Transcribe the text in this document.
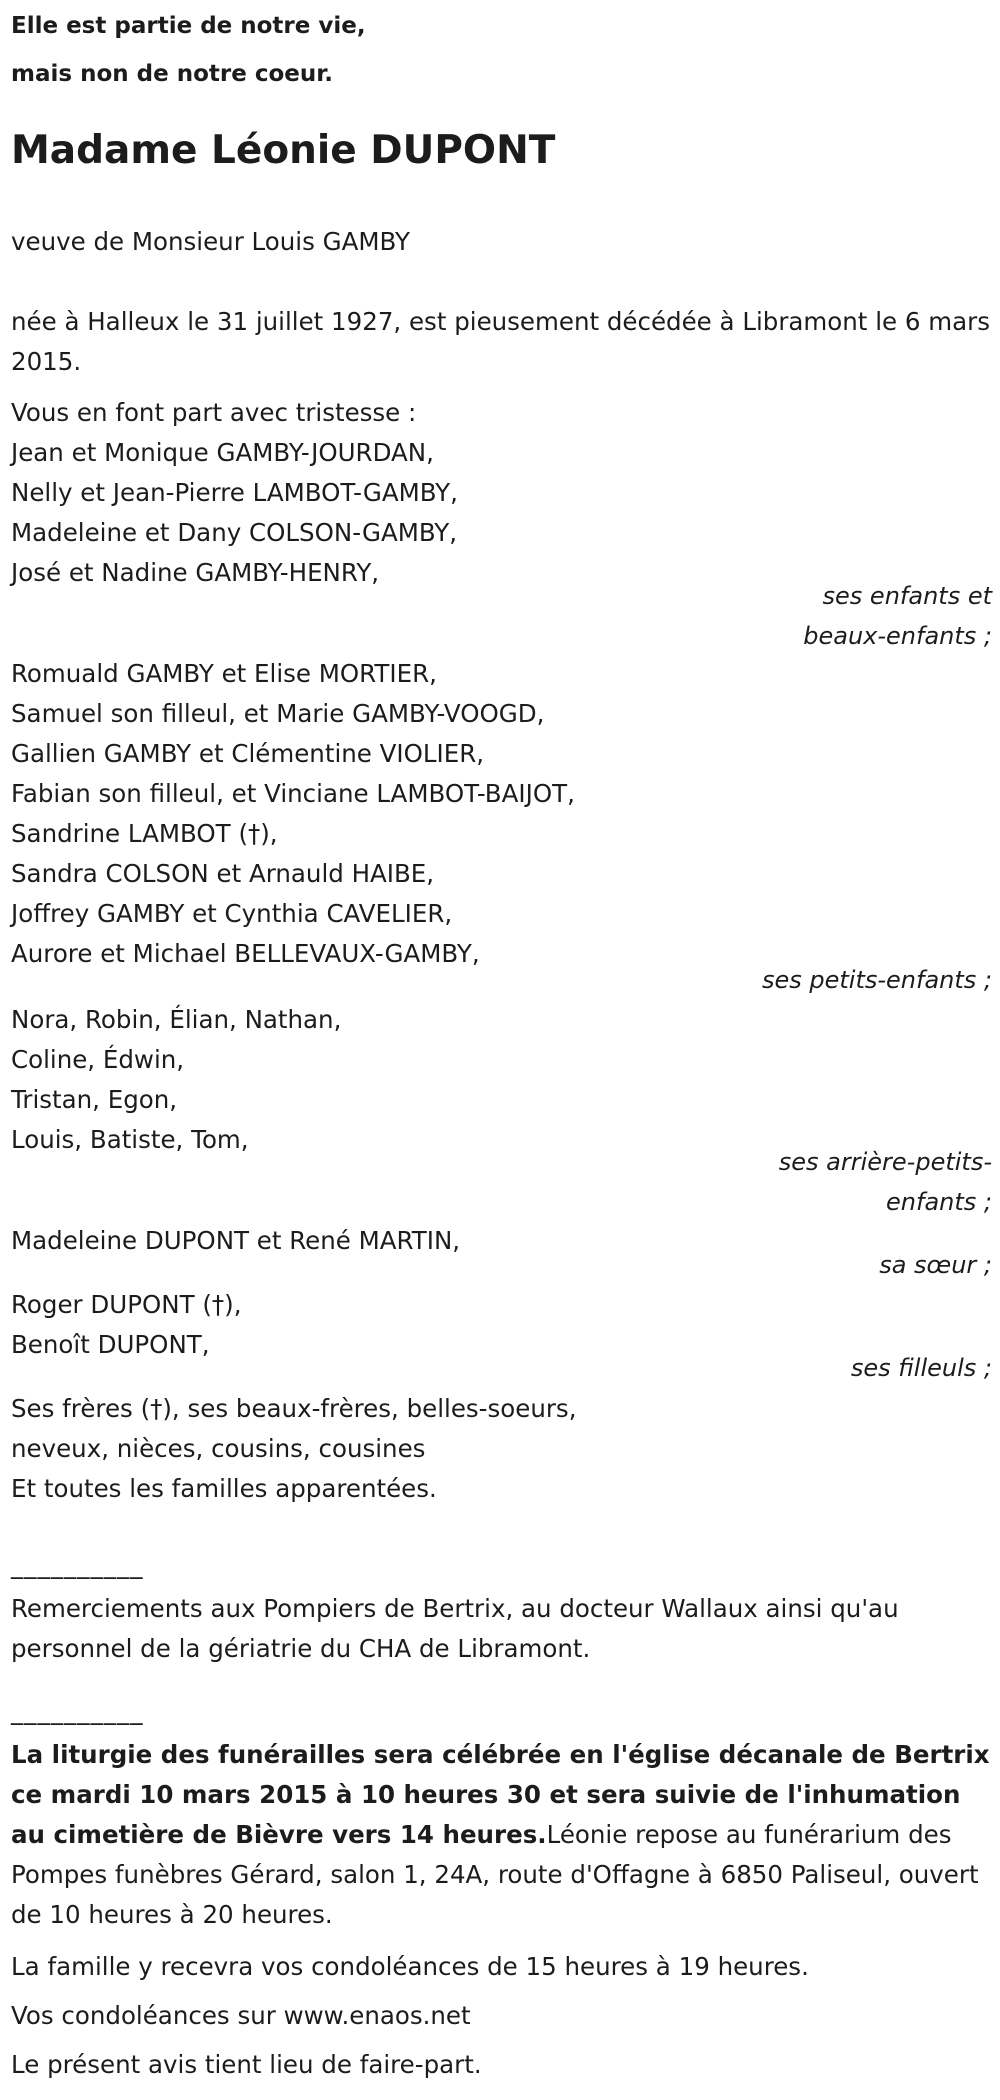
Elle est partie de notre vie,
mais non de notre coeur.
Madame Léonie DUPONT
veuve de Monsieur Louis GAMBY
née à Halleux le 31 juillet 1927, est pieusement décédée à Libramont le 6 mars 2015.
Vous en font part avec tristesse :
Jean et Monique GAMBY-JOURDAN,
Nelly et Jean-Pierre LAMBOT-GAMBY,
Madeleine et Dany COLSON-GAMBY,
José et Nadine GAMBY-HENRY,
ses enfants et
beaux-enfants ;
Romuald GAMBY et Elise MORTIER,
Samuel son filleul, et Marie GAMBY-VOOGD,
Gallien GAMBY et Clémentine VIOLIER,
Fabian son filleul, et Vinciane LAMBOT-BAIJOT,
Sandrine LAMBOT (†),
Sandra COLSON et Arnauld HAIBE,
Joffrey GAMBY et Cynthia CAVELIER,
Aurore et Michael BELLEVAUX-GAMBY,
ses petits-enfants ;
Nora, Robin, Élian, Nathan,
Coline, Édwin,
Tristan, Egon,
Louis, Batiste, Tom,
ses arrière-petits-
enfants ;
Madeleine DUPONT et René MARTIN,
sa sœur ;
Roger DUPONT (†),
Benoît DUPONT,
ses filleuls ;
Ses frères (†), ses beaux-frères, belles-soeurs,
neveux, nièces, cousins, cousines
Et toutes les familles apparentées.
__________
Remerciements aux Pompiers de Bertrix, au docteur Wallaux ainsi qu'au personnel de la gériatrie du CHA de Libramont.
__________
La liturgie des funérailles sera célébrée en l'église décanale de Bertrix ce mardi 10 mars 2015 à 10 heures 30 et sera suivie de l'inhumation au cimetière de Bièvre vers 14 heures.Léonie repose au funérarium des Pompes funèbres Gérard, salon 1, 24A, route d'Offagne à 6850 Paliseul, ouvert de 10 heures à 20 heures.
La famille y recevra vos condoléances de 15 heures à 19 heures.
Vos condoléances sur www.enaos.net
Le présent avis tient lieu de faire-part.
